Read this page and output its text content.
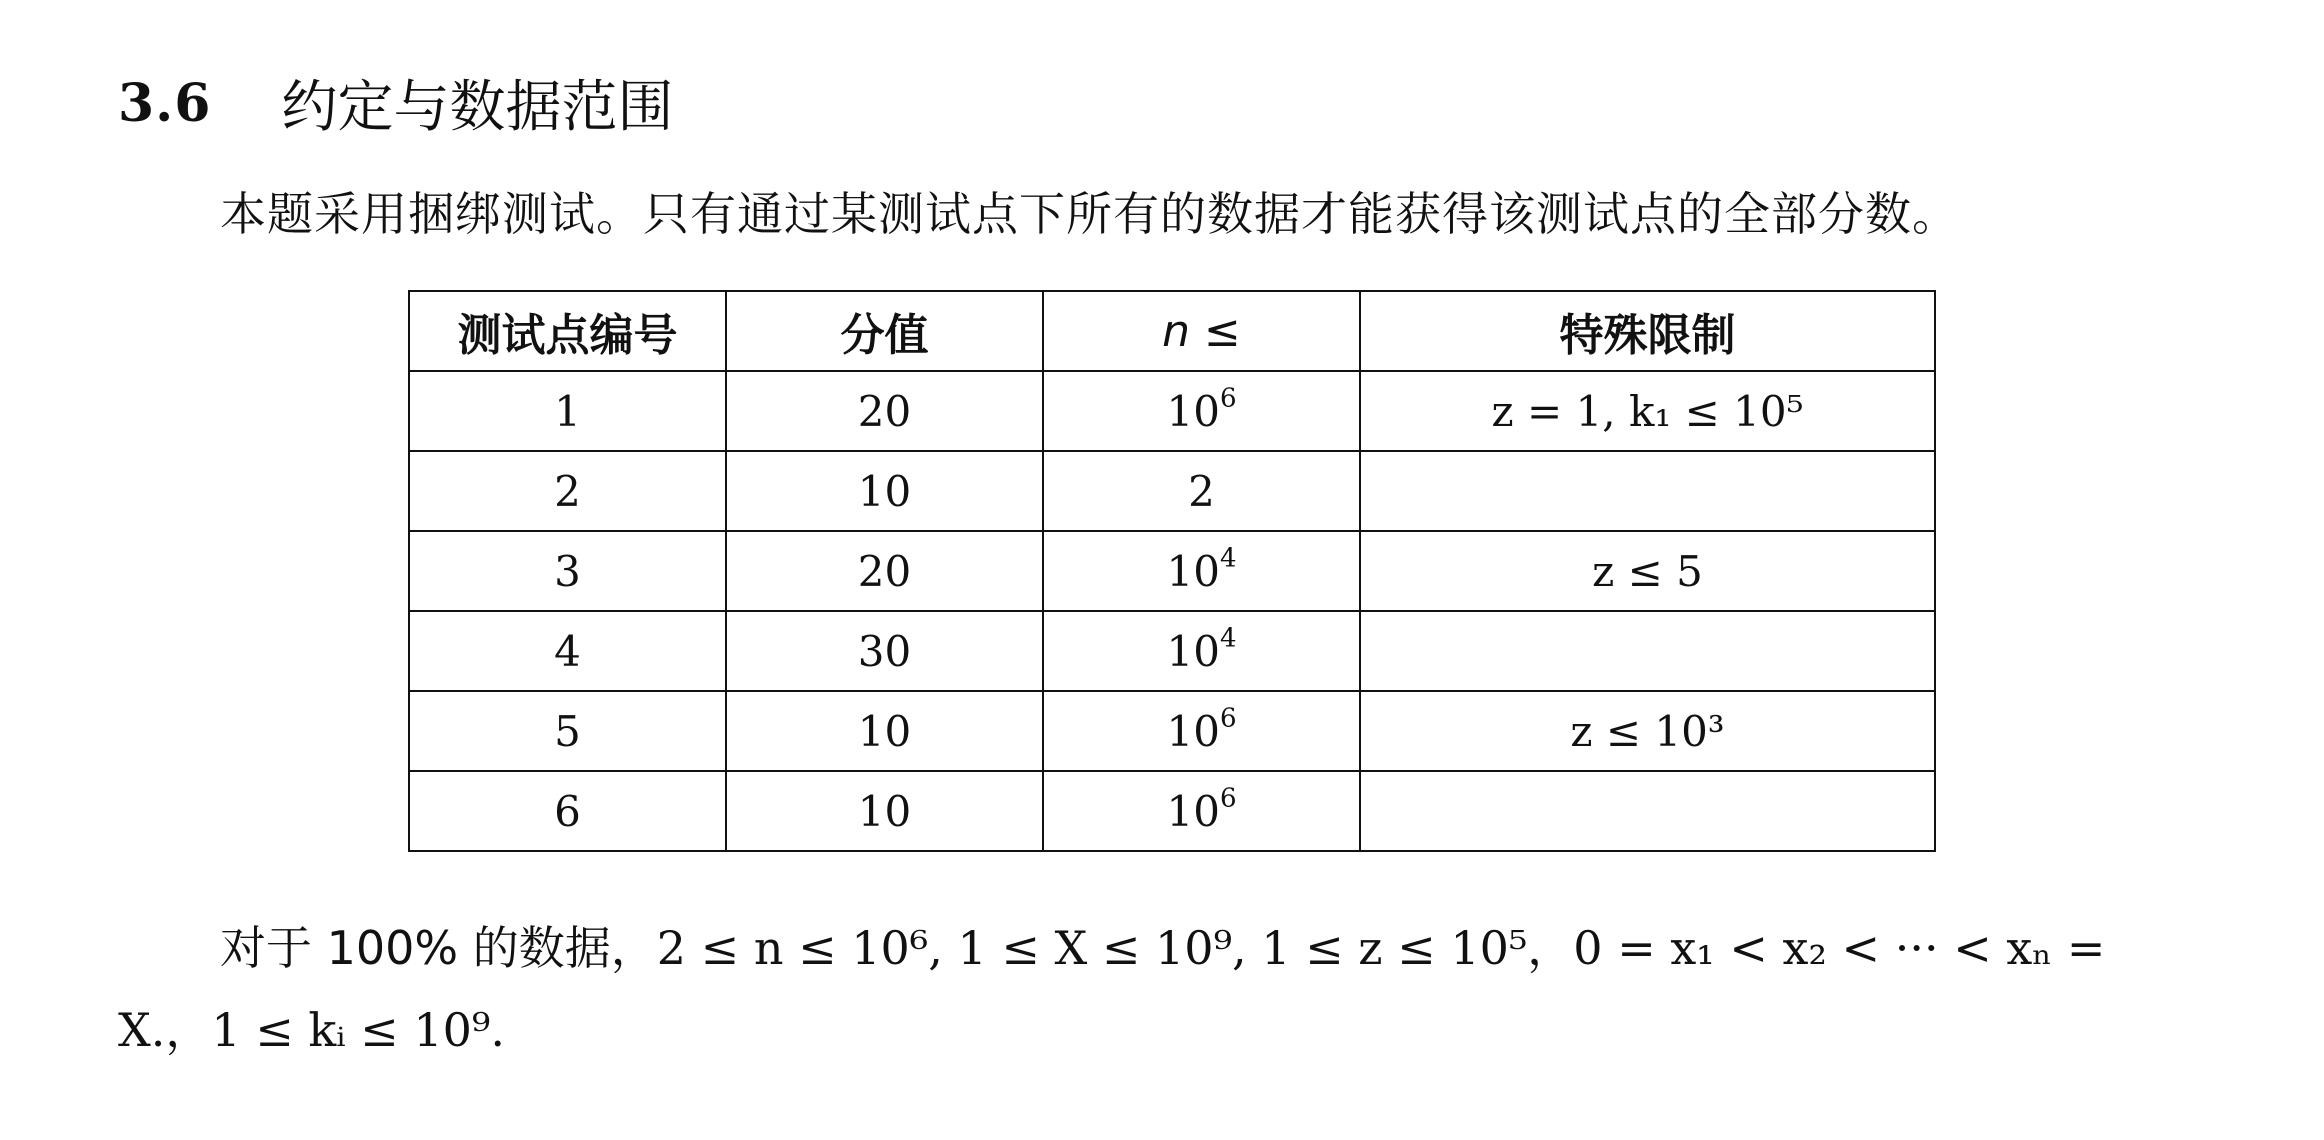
3.6 约定与数据范围
本题采用捆绑测试。只有通过某测试点下所有的数据才能获得该测试点的全部分数。
测试点编号	分值	n ≤	特殊限制
1	20	$10^6$	z = 1, k₁ ≤ 10⁵
2	10	2	
3	20	$10^4$	z ≤ 5
4	30	$10^4$	
5	10	$10^6$	z ≤ 10³
6	10	$10^6$	
对于 100% 的数据，2 ≤ n ≤ 10⁶, 1 ≤ X ≤ 10⁹, 1 ≤ z ≤ 10⁵，0 = x₁ < x₂ < ··· < xₙ =
X.，1 ≤ kᵢ ≤ 10⁹.
